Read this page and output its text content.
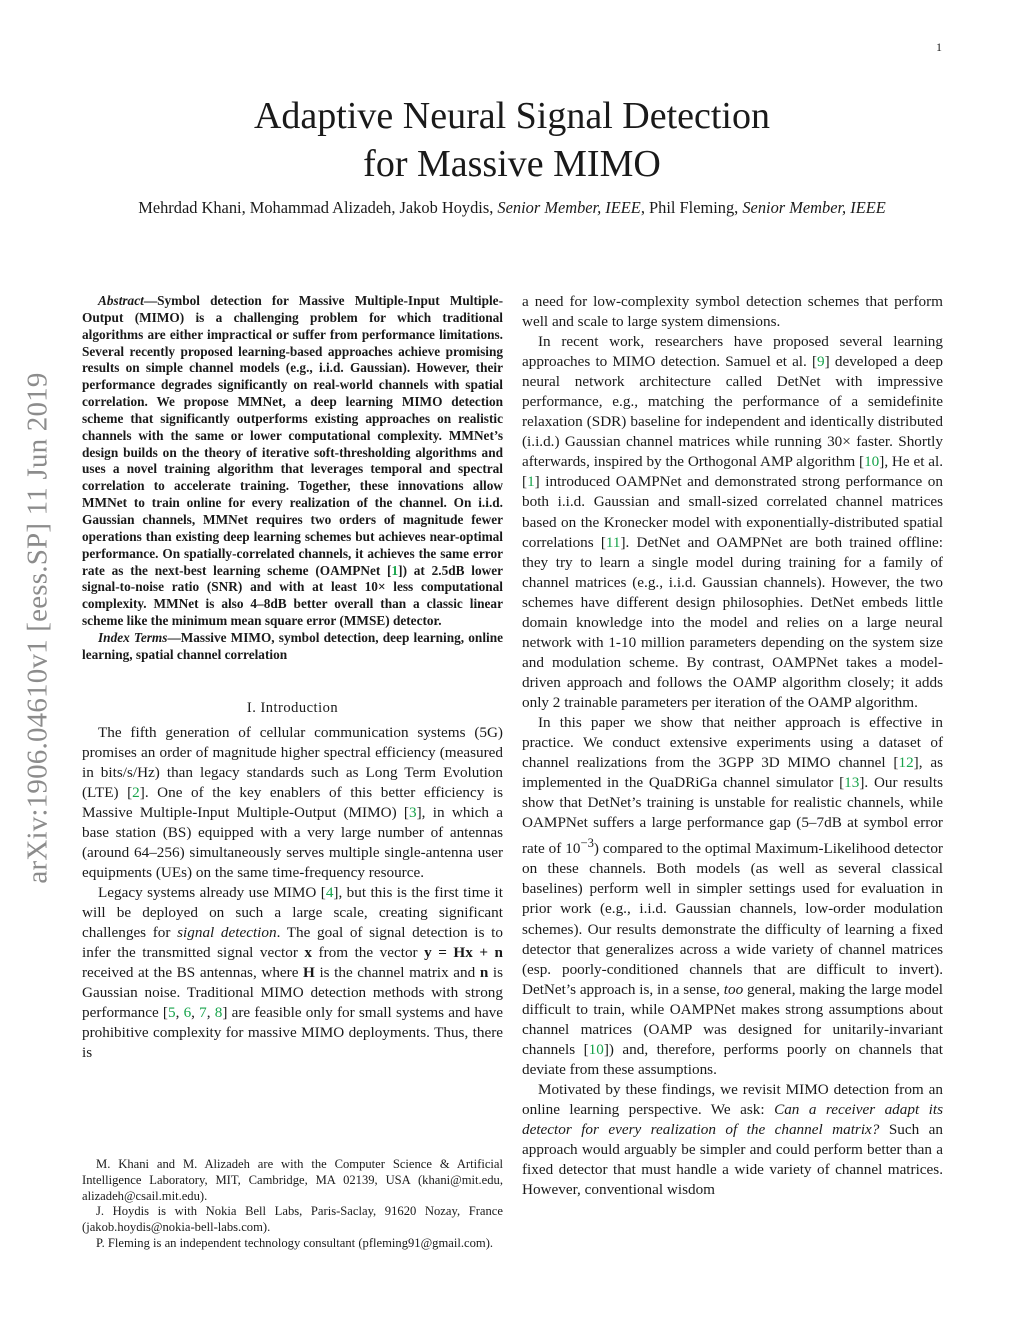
1
arXiv:1906.04610v1 [eess.SP] 11 Jun 2019
Adaptive Neural Signal Detection
for Massive MIMO
Mehrdad Khani, Mohammad Alizadeh, Jakob Hoydis, Senior Member, IEEE, Phil Fleming, Senior Member, IEEE

Abstract—Symbol detection for Massive Multiple-Input Multiple-Output (MIMO) is a challenging problem for which traditional algorithms are either impractical or suffer from performance limitations. Several recently proposed learning-based approaches achieve promising results on simple channel models (e.g., i.i.d. Gaussian). However, their performance degrades significantly on real-world channels with spatial correlation. We propose MMNet, a deep learning MIMO detection scheme that significantly outperforms existing approaches on realistic channels with the same or lower computational complexity. MMNet’s design builds on the theory of iterative soft-thresholding algorithms and uses a novel training algorithm that leverages temporal and spectral correlation to accelerate training. Together, these innovations allow MMNet to train online for every realization of the channel. On i.i.d. Gaussian channels, MMNet requires two orders of magnitude fewer operations than existing deep learning schemes but achieves near-optimal performance. On spatially-correlated channels, it achieves the same error rate as the next-best learning scheme (OAMPNet [1]) at 2.5dB lower signal-to-noise ratio (SNR) and with at least 10× less computational complexity. MMNet is also 4–8dB better overall than a classic linear scheme like the minimum mean square error (MMSE) detector.

Index Terms—Massive MIMO, symbol detection, deep learning, online learning, spatial channel correlation

I. Introduction

The fifth generation of cellular communication systems (5G) promises an order of magnitude higher spectral efficiency (measured in bits/s/Hz) than legacy standards such as Long Term Evolution (LTE) [2]. One of the key enablers of this better efficiency is Massive Multiple-Input Multiple-Output (MIMO) [3], in which a base station (BS) equipped with a very large number of antennas (around 64–256) simultaneously serves multiple single-antenna user equipments (UEs) on the same time-frequency resource.

Legacy systems already use MIMO [4], but this is the first time it will be deployed on such a large scale, creating significant challenges for signal detection. The goal of signal detection is to infer the transmitted signal vector x from the vector y = Hx + n received at the BS antennas, where H is the channel matrix and n is Gaussian noise. Traditional MIMO detection methods with strong performance [5, 6, 7, 8] are feasible only for small systems and have prohibitive complexity for massive MIMO deployments. Thus, there is

M. Khani and M. Alizadeh are with the Computer Science & Artificial Intelligence Laboratory, MIT, Cambridge, MA 02139, USA (khani@mit.edu, alizadeh@csail.mit.edu).

J. Hoydis is with Nokia Bell Labs, Paris-Saclay, 91620 Nozay, France (jakob.hoydis@nokia-bell-labs.com).

P. Fleming is an independent technology consultant (pfleming91@gmail.com).

a need for low-complexity symbol detection schemes that perform well and scale to large system dimensions.

In recent work, researchers have proposed several learning approaches to MIMO detection. Samuel et al. [9] developed a deep neural network architecture called DetNet with impressive performance, e.g., matching the performance of a semidefinite relaxation (SDR) baseline for independent and identically distributed (i.i.d.) Gaussian channel matrices while running 30× faster. Shortly afterwards, inspired by the Orthogonal AMP algorithm [10], He et al. [1] introduced OAMPNet and demonstrated strong performance on both i.i.d. Gaussian and small-sized correlated channel matrices based on the Kronecker model with exponentially-distributed spatial correlations [11]. DetNet and OAMPNet are both trained offline: they try to learn a single model during training for a family of channel matrices (e.g., i.i.d. Gaussian channels). However, the two schemes have different design philosophies. DetNet embeds little domain knowledge into the model and relies on a large neural network with 1-10 million parameters depending on the system size and modulation scheme. By contrast, OAMPNet takes a model-driven approach and follows the OAMP algorithm closely; it adds only 2 trainable parameters per iteration of the OAMP algorithm.

In this paper we show that neither approach is effective in practice. We conduct extensive experiments using a dataset of channel realizations from the 3GPP 3D MIMO channel [12], as implemented in the QuaDRiGa channel simulator [13]. Our results show that DetNet’s training is unstable for realistic channels, while OAMPNet suffers a large performance gap (5–7dB at symbol error rate of $10^{-3}$) compared to the optimal Maximum-Likelihood detector on these channels. Both models (as well as several classical baselines) perform well in simpler settings used for evaluation in prior work (e.g., i.i.d. Gaussian channels, low-order modulation schemes). Our results demonstrate the difficulty of learning a fixed detector that generalizes across a wide variety of channel matrices (esp. poorly-conditioned channels that are difficult to invert). DetNet’s approach is, in a sense, too general, making the large model difficult to train, while OAMPNet makes strong assumptions about channel matrices (OAMP was designed for unitarily-invariant channels [10]) and, therefore, performs poorly on channels that deviate from these assumptions.

Motivated by these findings, we revisit MIMO detection from an online learning perspective. We ask: Can a receiver adapt its detector for every realization of the channel matrix? Such an approach would arguably be simpler and could perform better than a fixed detector that must handle a wide variety of channel matrices. However, conventional wisdom
